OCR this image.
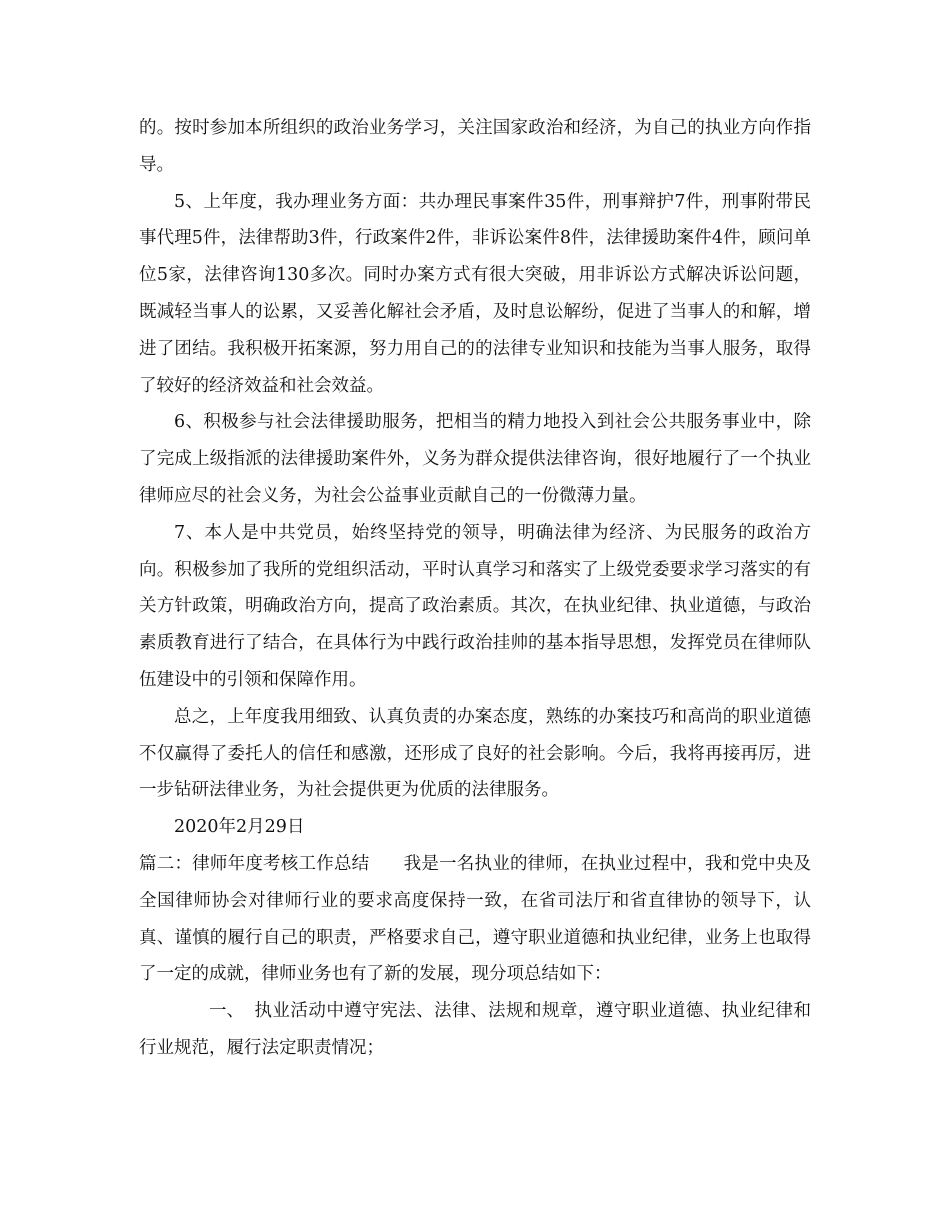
的。按时参加本所组织的政治业务学习，关注国家政治和经济，为自己的执业方向作指导。

5、上年度，我办理业务方面：共办理民事案件35件，刑事辩护7件，刑事附带民事代理5件，法律帮助3件，行政案件2件，非诉讼案件8件，法律援助案件4件，顾问单位5家，法律咨询130多次。同时办案方式有很大突破，用非诉讼方式解决诉讼问题，既减轻当事人的讼累，又妥善化解社会矛盾，及时息讼解纷，促进了当事人的和解，增进了团结。我积极开拓案源，努力用自己的的法律专业知识和技能为当事人服务，取得了较好的经济效益和社会效益。

6、积极参与社会法律援助服务，把相当的精力地投入到社会公共服务事业中，除了完成上级指派的法律援助案件外，义务为群众提供法律咨询，很好地履行了一个执业律师应尽的社会义务，为社会公益事业贡献自己的一份微薄力量。

7、本人是中共党员，始终坚持党的领导，明确法律为经济、为民服务的政治方向。积极参加了我所的党组织活动，平时认真学习和落实了上级党委要求学习落实的有关方针政策，明确政治方向，提高了政治素质。其次，在执业纪律、执业道德，与政治素质教育进行了结合，在具体行为中践行政治挂帅的基本指导思想，发挥党员在律师队伍建设中的引领和保障作用。

总之，上年度我用细致、认真负责的办案态度，熟练的办案技巧和高尚的职业道德不仅赢得了委托人的信任和感激，还形成了良好的社会影响。今后，我将再接再厉，进一步钻研法律业务，为社会提供更为优质的法律服务。

2020年2月29日

篇二：律师年度考核工作总结 我是一名执业的律师，在执业过程中，我和党中央及全国律师协会对律师行业的要求高度保持一致，在省司法厅和省直律协的领导下，认真、谨慎的履行自己的职责，严格要求自己，遵守职业道德和执业纪律，业务上也取得了一定的成就，律师业务也有了新的发展，现分项总结如下：

一、 执业活动中遵守宪法、法律、法规和规章，遵守职业道德、执业纪律和行业规范，履行法定职责情况；
